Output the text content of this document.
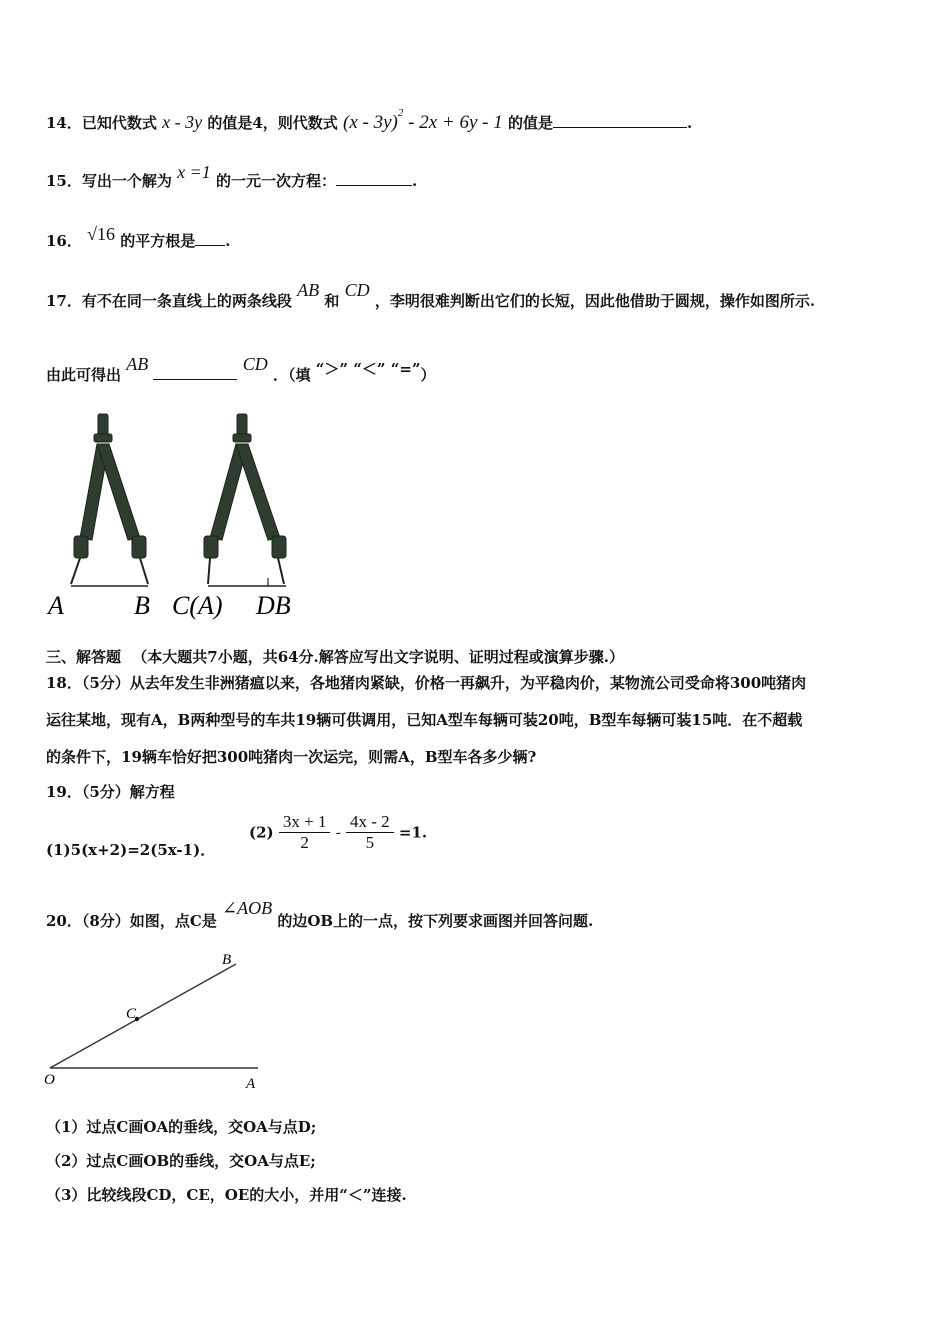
14．已知代数式 x - 3y 的值是4，则代数式 (x - 3y)$^2$ - 2x + 6y - 1 的值是	.
15．写出一个解为 x =1 的一元一次方程：	.
16． √16 的平方根是 .
17．有不在同一条直线上的两条线段 AB 和 CD ，李明很难判断出它们的长短，因此他借助于圆规，操作如图所示.
由此可得出 AB	CD ．（填 “＞” “＜” “=”）
A	B C(A) DB
三、解答题 （本大题共7小题，共64分.解答应写出文字说明、证明过程或演算步骤.）
18．（5分）从去年发生非洲猪瘟以来，各地猪肉紧缺，价格一再飙升，为平稳肉价，某物流公司受命将300吨猪肉
运往某地，现有A，B两种型号的车共19辆可供调用，已知A型车每辆可装20吨，B型车每辆可装15吨．在不超载
的条件下，19辆车恰好把300吨猪肉一次运完，则需A，B型车各多少辆?
19．（5分）解方程
(1)5(x+2)=2(5x-1)．
$(2) \frac{3x + 1}{2} - \frac{4x - 2}{5} =1$.
20．（8分）如图，点C是 ∠AOB 的边OB上的一点，按下列要求画图并回答问题.
B
C
O	A
（1）过点C画OA的垂线，交OA与点D;
（2）过点C画OB的垂线，交OA与点E;
（3）比较线段CD，CE，OE的大小，并用“＜”连接.
